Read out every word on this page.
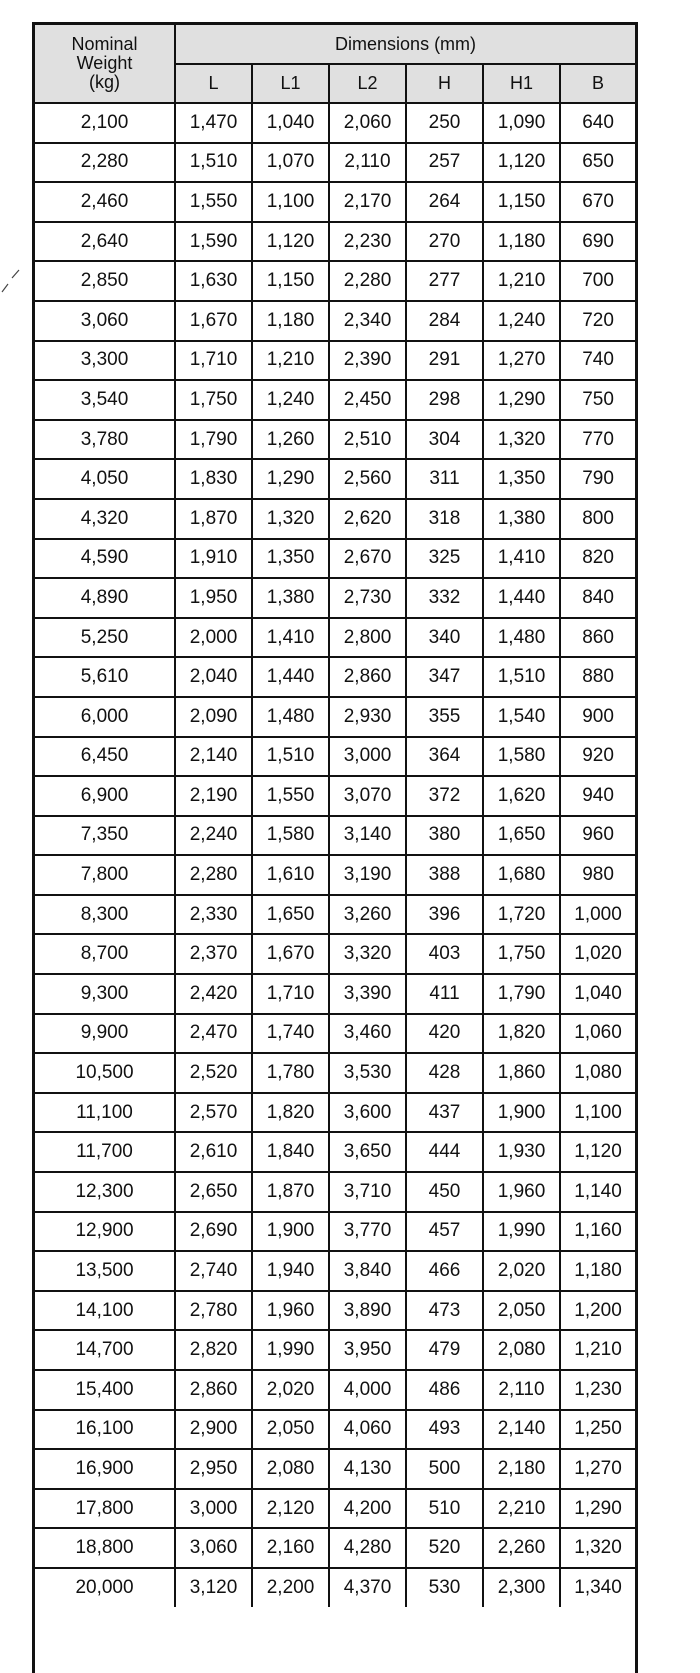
Nominal
Weight
(kg)	Dimensions (mm)					
	L	L1	L2	H	H1	B
2,100	1,470	1,040	2,060	250	1,090	640
2,280	1,510	1,070	2,110	257	1,120	650
2,460	1,550	1,100	2,170	264	1,150	670
2,640	1,590	1,120	2,230	270	1,180	690
2,850	1,630	1,150	2,280	277	1,210	700
3,060	1,670	1,180	2,340	284	1,240	720
3,300	1,710	1,210	2,390	291	1,270	740
3,540	1,750	1,240	2,450	298	1,290	750
3,780	1,790	1,260	2,510	304	1,320	770
4,050	1,830	1,290	2,560	311	1,350	790
4,320	1,870	1,320	2,620	318	1,380	800
4,590	1,910	1,350	2,670	325	1,410	820
4,890	1,950	1,380	2,730	332	1,440	840
5,250	2,000	1,410	2,800	340	1,480	860
5,610	2,040	1,440	2,860	347	1,510	880
6,000	2,090	1,480	2,930	355	1,540	900
6,450	2,140	1,510	3,000	364	1,580	920
6,900	2,190	1,550	3,070	372	1,620	940
7,350	2,240	1,580	3,140	380	1,650	960
7,800	2,280	1,610	3,190	388	1,680	980
8,300	2,330	1,650	3,260	396	1,720	1,000
8,700	2,370	1,670	3,320	403	1,750	1,020
9,300	2,420	1,710	3,390	411	1,790	1,040
9,900	2,470	1,740	3,460	420	1,820	1,060
10,500	2,520	1,780	3,530	428	1,860	1,080
11,100	2,570	1,820	3,600	437	1,900	1,100
11,700	2,610	1,840	3,650	444	1,930	1,120
12,300	2,650	1,870	3,710	450	1,960	1,140
12,900	2,690	1,900	3,770	457	1,990	1,160
13,500	2,740	1,940	3,840	466	2,020	1,180
14,100	2,780	1,960	3,890	473	2,050	1,200
14,700	2,820	1,990	3,950	479	2,080	1,210
15,400	2,860	2,020	4,000	486	2,110	1,230
16,100	2,900	2,050	4,060	493	2,140	1,250
16,900	2,950	2,080	4,130	500	2,180	1,270
17,800	3,000	2,120	4,200	510	2,210	1,290
18,800	3,060	2,160	4,280	520	2,260	1,320
20,000	3,120	2,200	4,370	530	2,300	1,340
